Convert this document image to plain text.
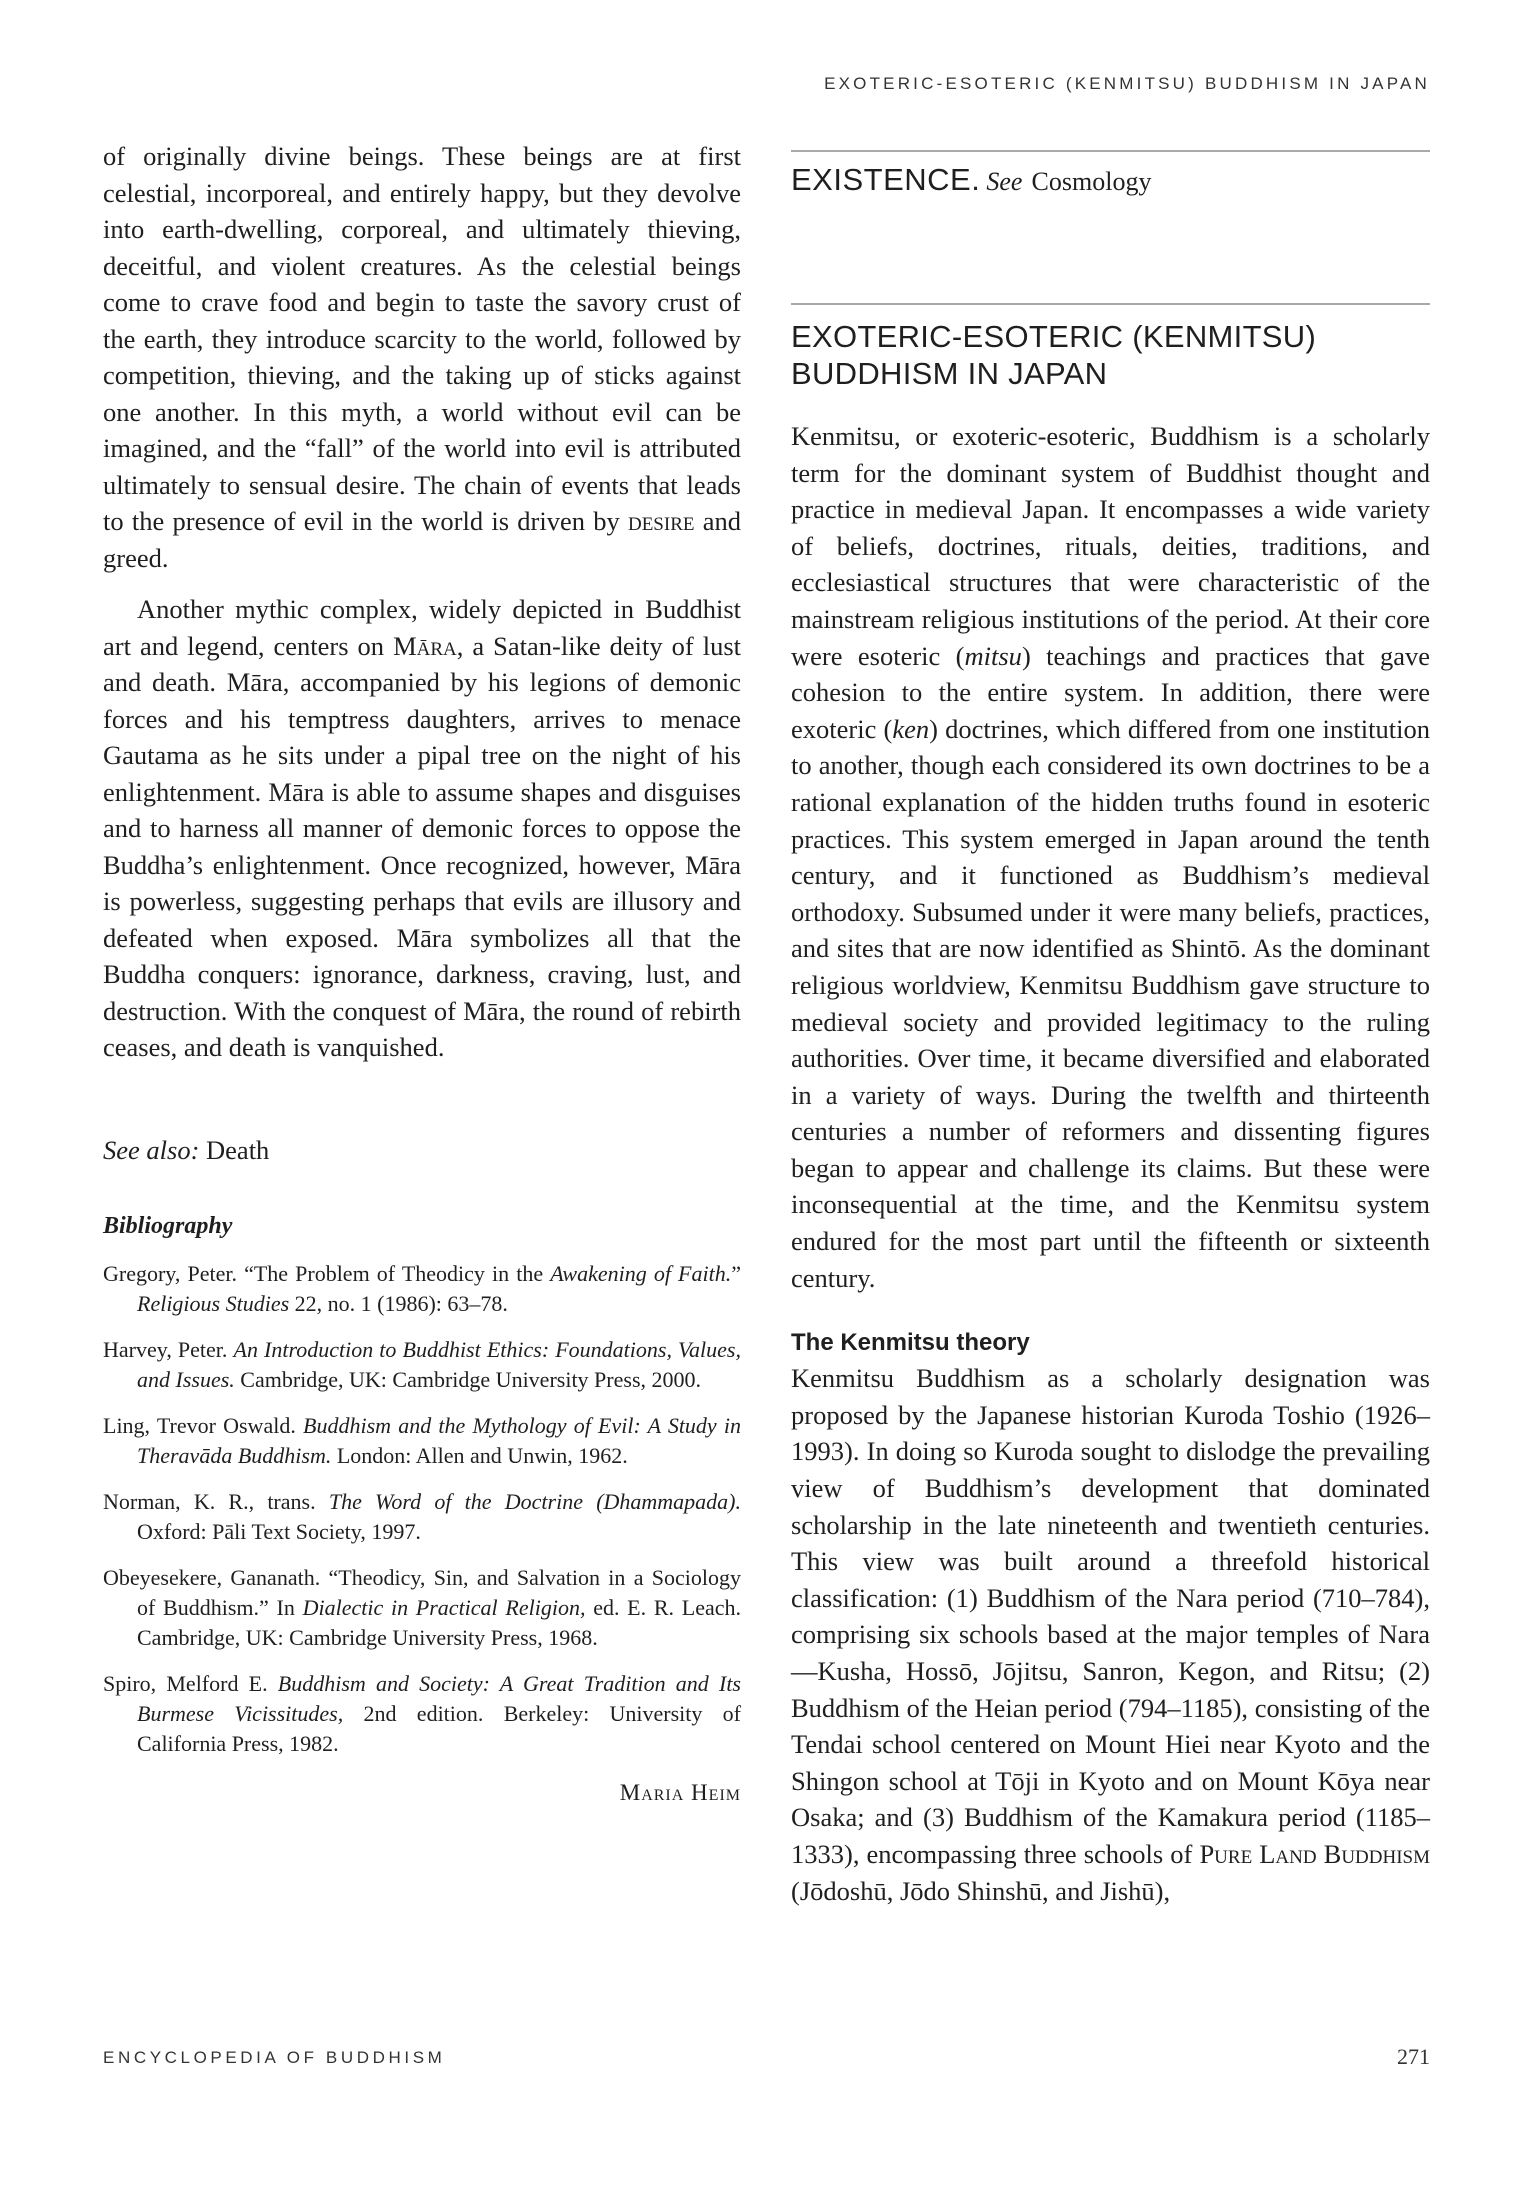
EXOTERIC-ESOTERIC (KENMITSU) BUDDHISM IN JAPAN

of originally divine beings. These beings are at first celestial, incorporeal, and entirely happy, but they devolve into earth-dwelling, corporeal, and ultimately thieving, deceitful, and violent creatures. As the celestial beings come to crave food and begin to taste the savory crust of the earth, they introduce scarcity to the world, followed by competition, thieving, and the taking up of sticks against one another. In this myth, a world without evil can be imagined, and the “fall” of the world into evil is attributed ultimately to sensual desire. The chain of events that leads to the presence of evil in the world is driven by desire and greed.

Another mythic complex, widely depicted in Buddhist art and legend, centers on Māra, a Satan-like deity of lust and death. Māra, accompanied by his legions of demonic forces and his temptress daughters, arrives to menace Gautama as he sits under a pipal tree on the night of his enlightenment. Māra is able to assume shapes and disguises and to harness all manner of demonic forces to oppose the Buddha’s enlightenment. Once recognized, however, Māra is powerless, suggesting perhaps that evils are illusory and defeated when exposed. Māra symbolizes all that the Buddha conquers: ignorance, darkness, craving, lust, and destruction. With the conquest of Māra, the round of rebirth ceases, and death is vanquished.

See also: Death

Bibliography
Gregory, Peter. “The Problem of Theodicy in the Awakening of Faith.” Religious Studies 22, no. 1 (1986): 63–78.
Harvey, Peter. An Introduction to Buddhist Ethics: Foundations, Values, and Issues. Cambridge, UK: Cambridge University Press, 2000.
Ling, Trevor Oswald. Buddhism and the Mythology of Evil: A Study in Theravāda Buddhism. London: Allen and Unwin, 1962.
Norman, K. R., trans. The Word of the Doctrine (Dhammapada). Oxford: Pāli Text Society, 1997.
Obeyesekere, Gananath. “Theodicy, Sin, and Salvation in a Sociology of Buddhism.” In Dialectic in Practical Religion, ed. E. R. Leach. Cambridge, UK: Cambridge University Press, 1968.
Spiro, Melford E. Buddhism and Society: A Great Tradition and Its Burmese Vicissitudes, 2nd edition. Berkeley: University of California Press, 1982.
Maria Heim
EXISTENCE. See Cosmology
EXOTERIC-ESOTERIC (KENMITSU) BUDDHISM IN JAPAN

Kenmitsu, or exoteric-esoteric, Buddhism is a scholarly term for the dominant system of Buddhist thought and practice in medieval Japan. It encompasses a wide variety of beliefs, doctrines, rituals, deities, traditions, and ecclesiastical structures that were characteristic of the mainstream religious institutions of the period. At their core were esoteric (mitsu) teachings and practices that gave cohesion to the entire system. In addition, there were exoteric (ken) doctrines, which differed from one institution to another, though each considered its own doctrines to be a rational explanation of the hidden truths found in esoteric practices. This system emerged in Japan around the tenth century, and it functioned as Buddhism’s medieval orthodoxy. Subsumed under it were many beliefs, practices, and sites that are now identified as Shintō. As the dominant religious worldview, Kenmitsu Buddhism gave structure to medieval society and provided legitimacy to the ruling authorities. Over time, it became diversified and elaborated in a variety of ways. During the twelfth and thirteenth centuries a number of reformers and dissenting figures began to appear and challenge its claims. But these were inconsequential at the time, and the Kenmitsu system endured for the most part until the fifteenth or sixteenth century.

The Kenmitsu theory

Kenmitsu Buddhism as a scholarly designation was proposed by the Japanese historian Kuroda Toshio (1926–1993). In doing so Kuroda sought to dislodge the prevailing view of Buddhism’s development that dominated scholarship in the late nineteenth and twentieth centuries. This view was built around a threefold historical classification: (1) Buddhism of the Nara period (710–784), comprising six schools based at the major temples of Nara—Kusha, Hossō, Jōjitsu, Sanron, Kegon, and Ritsu; (2) Buddhism of the Heian period (794–1185), consisting of the Tendai school centered on Mount Hiei near Kyoto and the Shingon school at Tōji in Kyoto and on Mount Kōya near Osaka; and (3) Buddhism of the Kamakura period (1185–1333), encompassing three schools of Pure Land Buddhism (Jōdoshū, Jōdo Shinshū, and Jishū),

ENCYCLOPEDIA OF BUDDHISM	271
